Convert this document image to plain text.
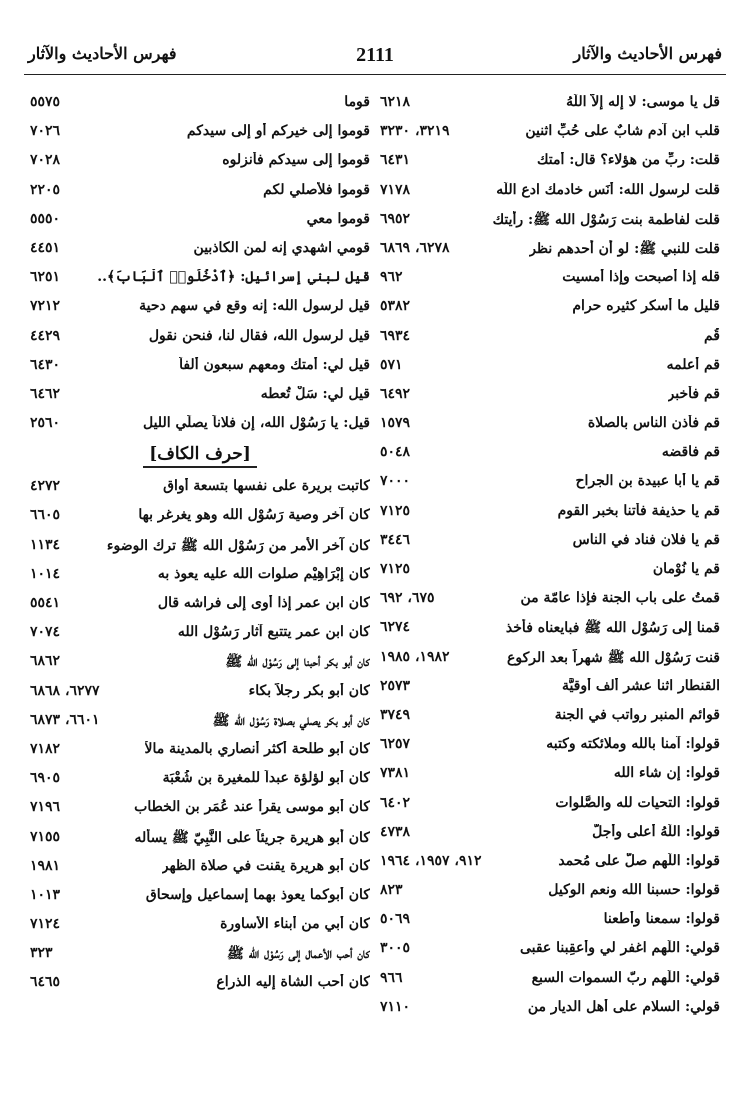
فهرس الأحاديث والآثار
2111
فهرس الأحاديث والآثار
قل يا موسى: لا إله إلاّ اللّهُ
٦٢١٨
قلب ابن آدم شابٌ على حُبِّ اثنين
٣٢١٩، ٣٢٣٠
قلت: ربِّ من هؤلاء؟ قال: أمتك
٦٤٣١
قلت لرسول الله: أَنَس خادمك ادع اللّه
٧١٧٨
قلت لفاطمة بنت رَسُوْل الله ﷺ: رأيتك
٦٩٥٢
قلت للنبي ﷺ: لو أن أحدهم نظر
٦٢٧٨، ٦٨٦٩
قله إذا أصبحت وإذا أمسيت
٩٦٢
قليل ما أسكر كثيره حرام
٥٣٨٢
قُم
٦٩٣٤
قم أعلمه
٥٧١
قم فأخبر
٦٤٩٢
قم فأذن الناس بالصلاة
١٥٧٩
قم فاقضه
٥٠٤٨
قم يا أبا عبيدة بن الجراح
٧٠٠٠
قم يا حذيفة فأتنا بخبر القوم
٧١٢٥
قم يا فلان فناد في الناس
٣٤٤٦
قم يا نُوْمان
٧١٢٥
قمتُ على باب الجنة فإذا عامّة من
٦٧٥، ٦٩٢
قمنا إلى رَسُوْل الله ﷺ فبايعناه فأخذ
٦٢٧٤
قنت رَسُوْل الله ﷺ شهراً بعد الركوع
١٩٨٢، ١٩٨٥
القنطار اثنا عشر ألف أوقيَّة
٢٥٧٣
قوائم المنبر رواتب في الجنة
٣٧٤٩
قولوا: آمنا بالله وملائكته وكتبه
٦٢٥٧
قولوا: إن شاء الله
٧٣٨١
قولوا: التحيات لله والصَّلوات
٦٤٠٢
قولوا: اللّهُ أعلى وأجلُّ
٤٧٣٨
قولوا: اللّهم صلّ على مُحمد
٩١٢، ١٩٥٧، ١٩٦٤
قولوا: حسبنا الله ونعم الوكيل
٨٢٣
قولوا: سمعنا وأطعنا
٥٠٦٩
قولي: اللّهم اغفر لي وأعقِبنا عقبى
٣٠٠٥
قولي: اللّهم ربّ السموات السبع
٩٦٦
قولي: السلام على أهل الديار من
٧١١٠
قوما
٥٥٧٥
قوموا إلى خيركم أو إلى سيدكم
٧٠٢٦
قوموا إلى سيدكم فأنزلوه
٧٠٢٨
قوموا فلأصلي لكم
٢٢٠٥
قوموا معي
٥٥٥٠
قومي اشهدي إنه لمن الكاذبين
٤٤٥١
قيل لبني إسرائيل: ﴿ٱدْخُلُوا۟ ٱلْبَابَ﴾..
٦٢٥١
قيل لرسول الله: إنه وقع في سهم دحية
٧٢١٢
قيل لرسول الله، فقال لنا، فنحن نقول
٤٤٢٩
قيل لي: أمتك ومعهم سبعون ألفاً
٦٤٣٠
قيل لي: سَلْ تُعطه
٦٤٦٢
قيل: يا رَسُوْل الله، إن فلاناً يصلِّي الليل
٢٥٦٠
[حرف الكاف]
كاتبت بريرة على نفسها بتسعة أواق
٤٢٧٢
كان آخر وصية رَسُوْل الله وهو يغرغر بها
٦٦٠٥
كان آخر الأمر من رَسُوْل الله ﷺ ترك الوضوء
١١٣٤
كان إبْرَاهِيْم صلوات الله عليه يعوذ به
١٠١٤
كان ابن عمر إذا أوى إلى فراشه قال
٥٥٤١
كان ابن عمر يتتبع آثار رَسُوْل الله
٧٠٧٤
كان أبو بكر أحبنا إلى رَسُوْل الله ﷺ
٦٨٦٢
كان أبو بكر رجلاً بكاء
٦٢٧٧، ٦٨٦٨
كان أبو بكر يصلي بصلاة رَسُوْل الله ﷺ
٦٦٠١، ٦٨٧٣
كان أبو طلحة أكثر أنصاري بالمدينة مالاً
٧١٨٢
كان أبو لؤلؤة عبداً للمغيرة بن شُعْبَة
٦٩٠٥
كان أبو موسى يقرأ عند عُمَر بن الخطاب
٧١٩٦
كان أبو هريرة جريئاً على النَّبِيّ ﷺ يسأله
٧١٥٥
كان أبو هريرة يقنت في صلاة الظهر
١٩٨١
كان أبوكما يعوذ بهما إسماعيل وإسحاق
١٠١٣
كان أبي من أبناء الأساورة
٧١٢٤
كان أحب الأعمال إلى رَسُوْل الله ﷺ
٣٢٣
كان أحب الشاة إليه الذراع
٦٤٦٥
